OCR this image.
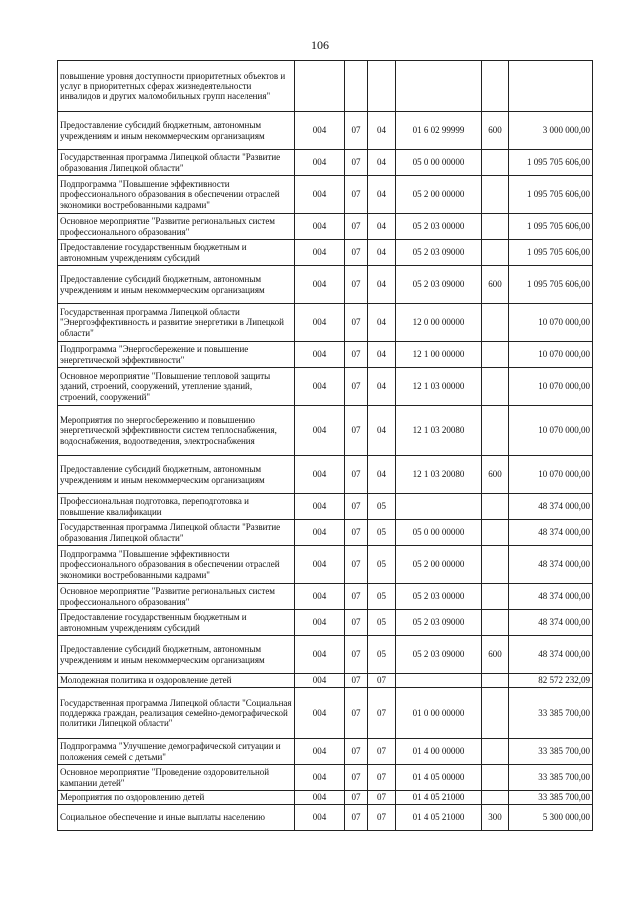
106
повышение уровня доступности приоритетных объектов и услуг в приоритетных сферах жизнедеятельности инвалидов и других маломобильных групп населения"						
Предоставление субсидий бюджетным, автономным учреждениям и иным некоммерческим организациям	004	07	04	01 6 02 99999	600	3 000 000,00
Государственная программа Липецкой области "Развитие образования Липецкой области"	004	07	04	05 0 00 00000		1 095 705 606,00
Подпрограмма "Повышение эффективности профессионального образования в обеспечении отраслей экономики востребованными кадрами"	004	07	04	05 2 00 00000		1 095 705 606,00
Основное мероприятие "Развитие региональных систем профессионального образования"	004	07	04	05 2 03 00000		1 095 705 606,00
Предоставление государственным бюджетным и автономным учреждениям субсидий	004	07	04	05 2 03 09000		1 095 705 606,00
Предоставление субсидий бюджетным, автономным учреждениям и иным некоммерческим организациям	004	07	04	05 2 03 09000	600	1 095 705 606,00
Государственная программа Липецкой области "Энергоэффективность и развитие энергетики в Липецкой области"	004	07	04	12 0 00 00000		10 070 000,00
Подпрограмма "Энергосбережение и повышение энергетической эффективности"	004	07	04	12 1 00 00000		10 070 000,00
Основное мероприятие "Повышение тепловой защиты зданий, строений, сооружений, утепление зданий, строений, сооружений"	004	07	04	12 1 03 00000		10 070 000,00
Мероприятия по энергосбережению и повышению энергетической эффективности систем теплоснабжения, водоснабжения, водоотведения, электроснабжения	004	07	04	12 1 03 20080		10 070 000,00
Предоставление субсидий бюджетным, автономным учреждениям и иным некоммерческим организациям	004	07	04	12 1 03 20080	600	10 070 000,00
Профессиональная подготовка, переподготовка и повышение квалификации	004	07	05			48 374 000,00
Государственная программа Липецкой области "Развитие образования Липецкой области"	004	07	05	05 0 00 00000		48 374 000,00
Подпрограмма "Повышение эффективности профессионального образования в обеспечении отраслей экономики востребованными кадрами"	004	07	05	05 2 00 00000		48 374 000,00
Основное мероприятие "Развитие региональных систем профессионального образования"	004	07	05	05 2 03 00000		48 374 000,00
Предоставление государственным бюджетным и автономным учреждениям субсидий	004	07	05	05 2 03 09000		48 374 000,00
Предоставление субсидий бюджетным, автономным учреждениям и иным некоммерческим организациям	004	07	05	05 2 03 09000	600	48 374 000,00
Молодежная политика и оздоровление детей	004	07	07			82 572 232,09
Государственная программа Липецкой области "Социальная поддержка граждан, реализация семейно-демографической политики Липецкой области"	004	07	07	01 0 00 00000		33 385 700,00
Подпрограмма "Улучшение демографической ситуации и положения семей с детьми"	004	07	07	01 4 00 00000		33 385 700,00
Основное мероприятие "Проведение оздоровительной кампании детей"	004	07	07	01 4 05 00000		33 385 700,00
Мероприятия по оздоровлению детей	004	07	07	01 4 05 21000		33 385 700,00
Социальное обеспечение и иные выплаты населению	004	07	07	01 4 05 21000	300	5 300 000,00
